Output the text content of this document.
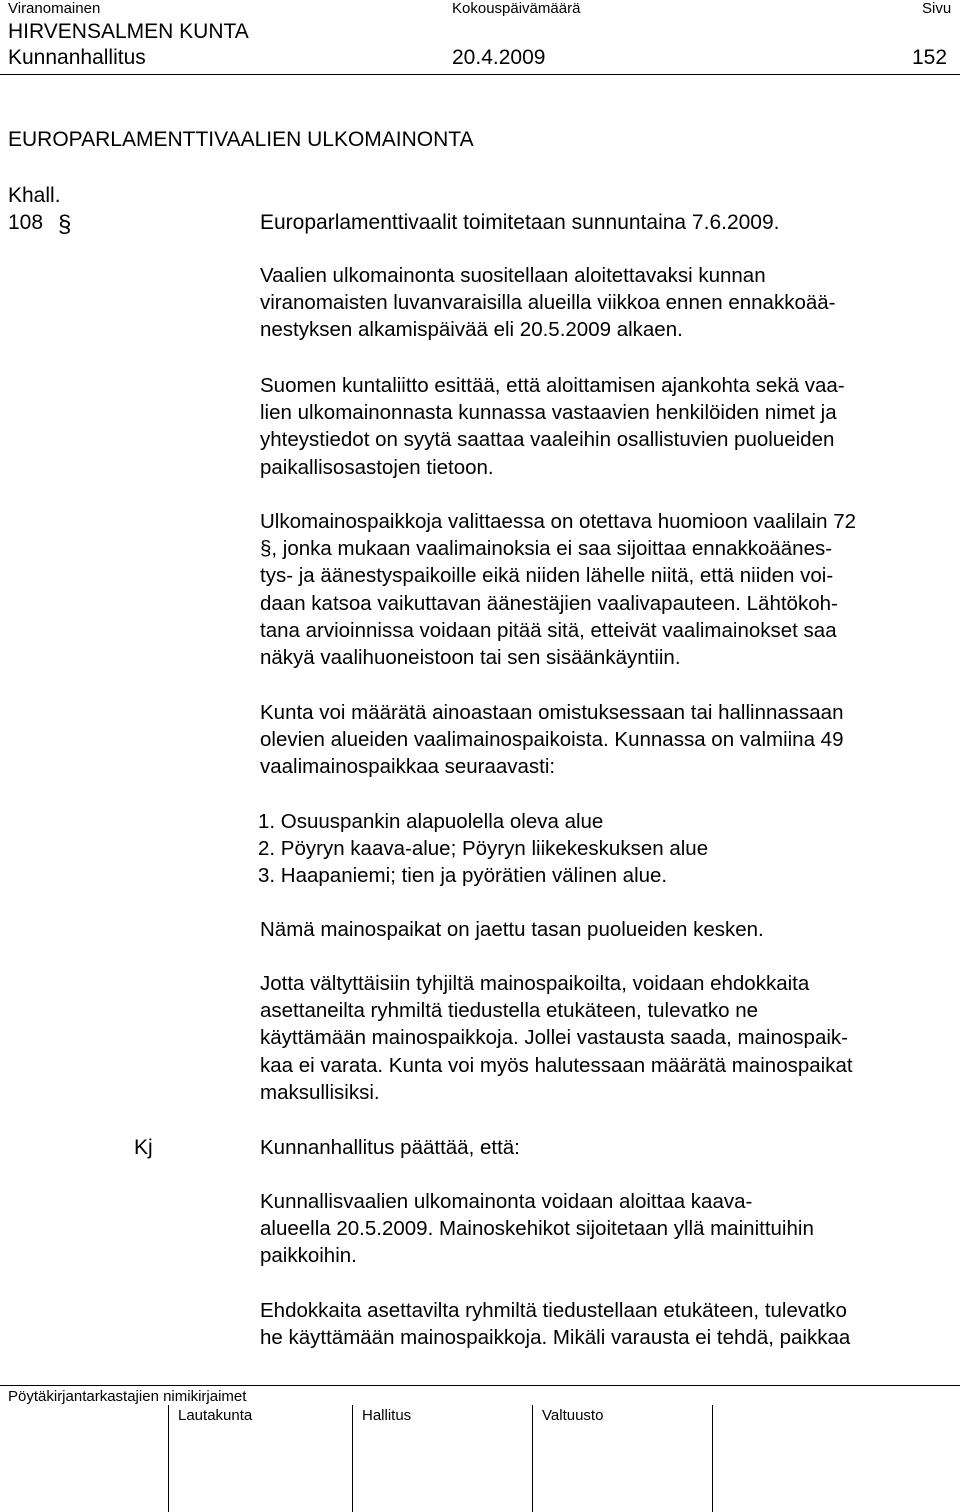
Viranomainen	Kokouspäivämäärä	Sivu
HIRVENSALMEN KUNTA
Kunnanhallitus	20.4.2009	152
EUROPARLAMENTTIVAALIEN ULKOMAINONTA
Khall.
108 §	Europarlamenttivaalit toimitetaan sunnuntaina 7.6.2009.
Vaalien ulkomainonta suositellaan aloitettavaksi kunnan
viranomaisten luvanvaraisilla alueilla viikkoa ennen ennakkoää-
nestyksen alkamispäivää eli 20.5.2009 alkaen.
Suomen kuntaliitto esittää, että aloittamisen ajankohta sekä vaa-
lien ulkomainonnasta kunnassa vastaavien henkilöiden nimet ja
yhteystiedot on syytä saattaa vaaleihin osallistuvien puolueiden
paikallisosastojen tietoon.
Ulkomainospaikkoja valittaessa on otettava huomioon vaalilain 72
§, jonka mukaan vaalimainoksia ei saa sijoittaa ennakkoäänes-
tys- ja äänestyspaikoille eikä niiden lähelle niitä, että niiden voi-
daan katsoa vaikuttavan äänestäjien vaalivapauteen. Lähtökoh-
tana arvioinnissa voidaan pitää sitä, etteivät vaalimainokset saa
näkyä vaalihuoneistoon tai sen sisäänkäyntiin.
Kunta voi määrätä ainoastaan omistuksessaan tai hallinnassaan
olevien alueiden vaalimainospaikoista. Kunnassa on valmiina 49
vaalimainospaikkaa seuraavasti:
1. Osuuspankin alapuolella oleva alue
2. Pöyryn kaava-alue; Pöyryn liikekeskuksen alue
3. Haapaniemi; tien ja pyörätien välinen alue.
Nämä mainospaikat on jaettu tasan puolueiden kesken.
Jotta vältyttäisiin tyhjiltä mainospaikoilta, voidaan ehdokkaita
asettaneilta ryhmiltä tiedustella etukäteen, tulevatko ne
käyttämään mainospaikkoja. Jollei vastausta saada, mainospaik-
kaa ei varata. Kunta voi myös halutessaan määrätä mainospaikat
maksullisiksi.
Kj	Kunnanhallitus päättää, että:
Kunnallisvaalien ulkomainonta voidaan aloittaa kaava-
alueella 20.5.2009. Mainoskehikot sijoitetaan yllä mainittuihin
paikkoihin.
Ehdokkaita asettavilta ryhmiltä tiedustellaan etukäteen, tulevatko
he käyttämään mainospaikkoja. Mikäli varausta ei tehdä, paikkaa
Pöytäkirjantarkastajien nimikirjaimet
Lautakunta	Hallitus	Valtuusto
